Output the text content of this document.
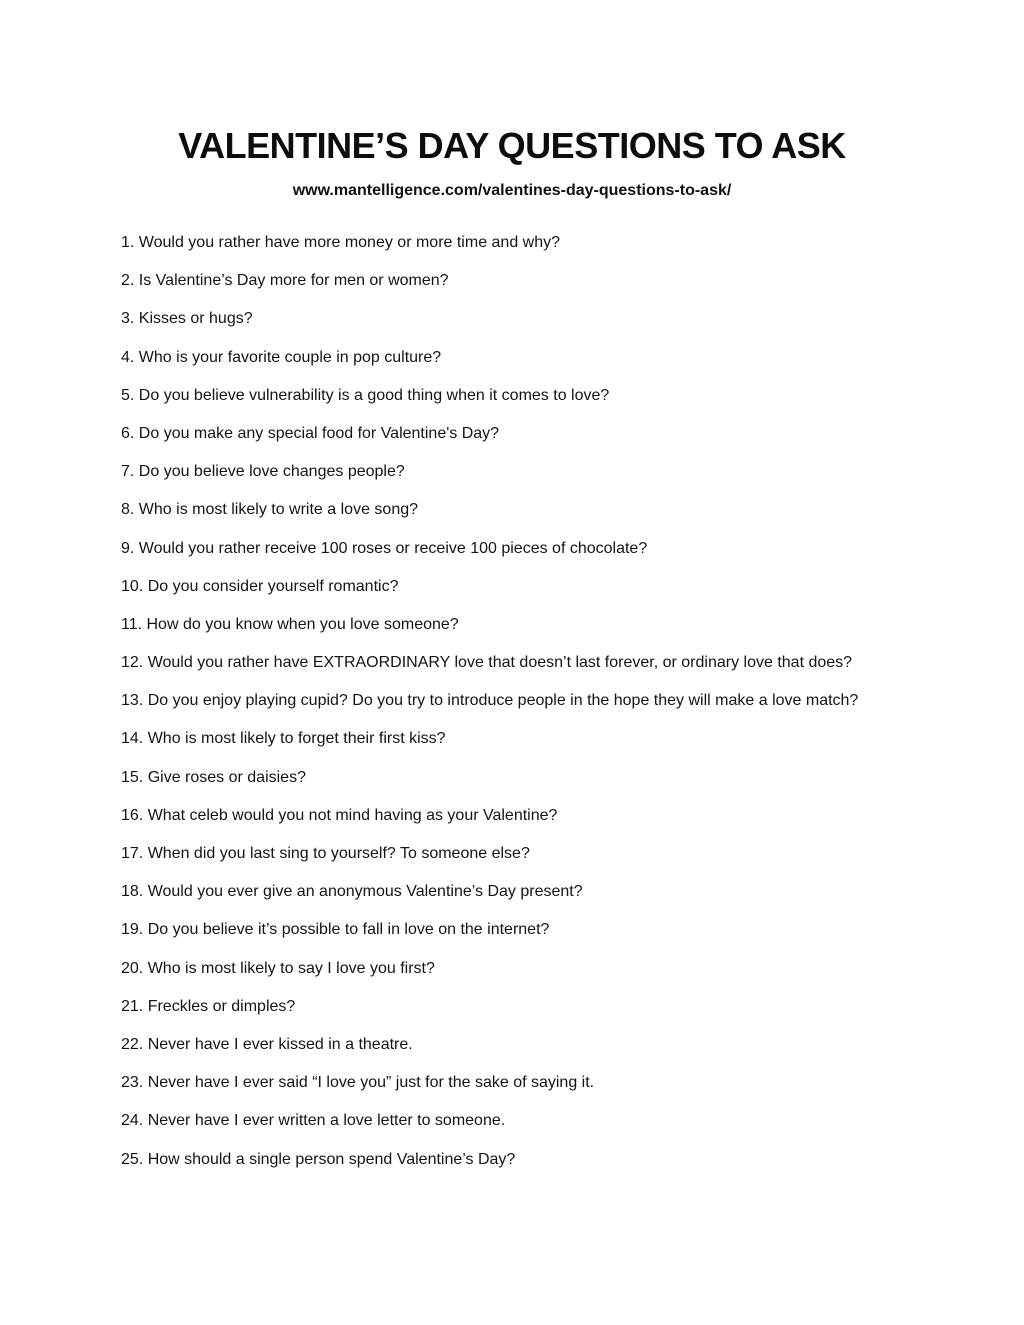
VALENTINE’S DAY QUESTIONS TO ASK
www.mantelligence.com/valentines-day-questions-to-ask/
1. Would you rather have more money or more time and why?
2. Is Valentine’s Day more for men or women?
3. Kisses or hugs?
4. Who is your favorite couple in pop culture?
5. Do you believe vulnerability is a good thing when it comes to love?
6. Do you make any special food for Valentine's Day?
7. Do you believe love changes people?
8. Who is most likely to write a love song?
9. Would you rather receive 100 roses or receive 100 pieces of chocolate?
10. Do you consider yourself romantic?
11. How do you know when you love someone?
12. Would you rather have EXTRAORDINARY love that doesn’t last forever, or ordinary love that does?
13. Do you enjoy playing cupid? Do you try to introduce people in the hope they will make a love match?
14. Who is most likely to forget their first kiss?
15. Give roses or daisies?
16. What celeb would you not mind having as your Valentine?
17. When did you last sing to yourself? To someone else?
18. Would you ever give an anonymous Valentine’s Day present?
19. Do you believe it’s possible to fall in love on the internet?
20. Who is most likely to say I love you first?
21. Freckles or dimples?
22. Never have I ever kissed in a theatre.
23. Never have I ever said “I love you” just for the sake of saying it.
24. Never have I ever written a love letter to someone.
25. How should a single person spend Valentine’s Day?
